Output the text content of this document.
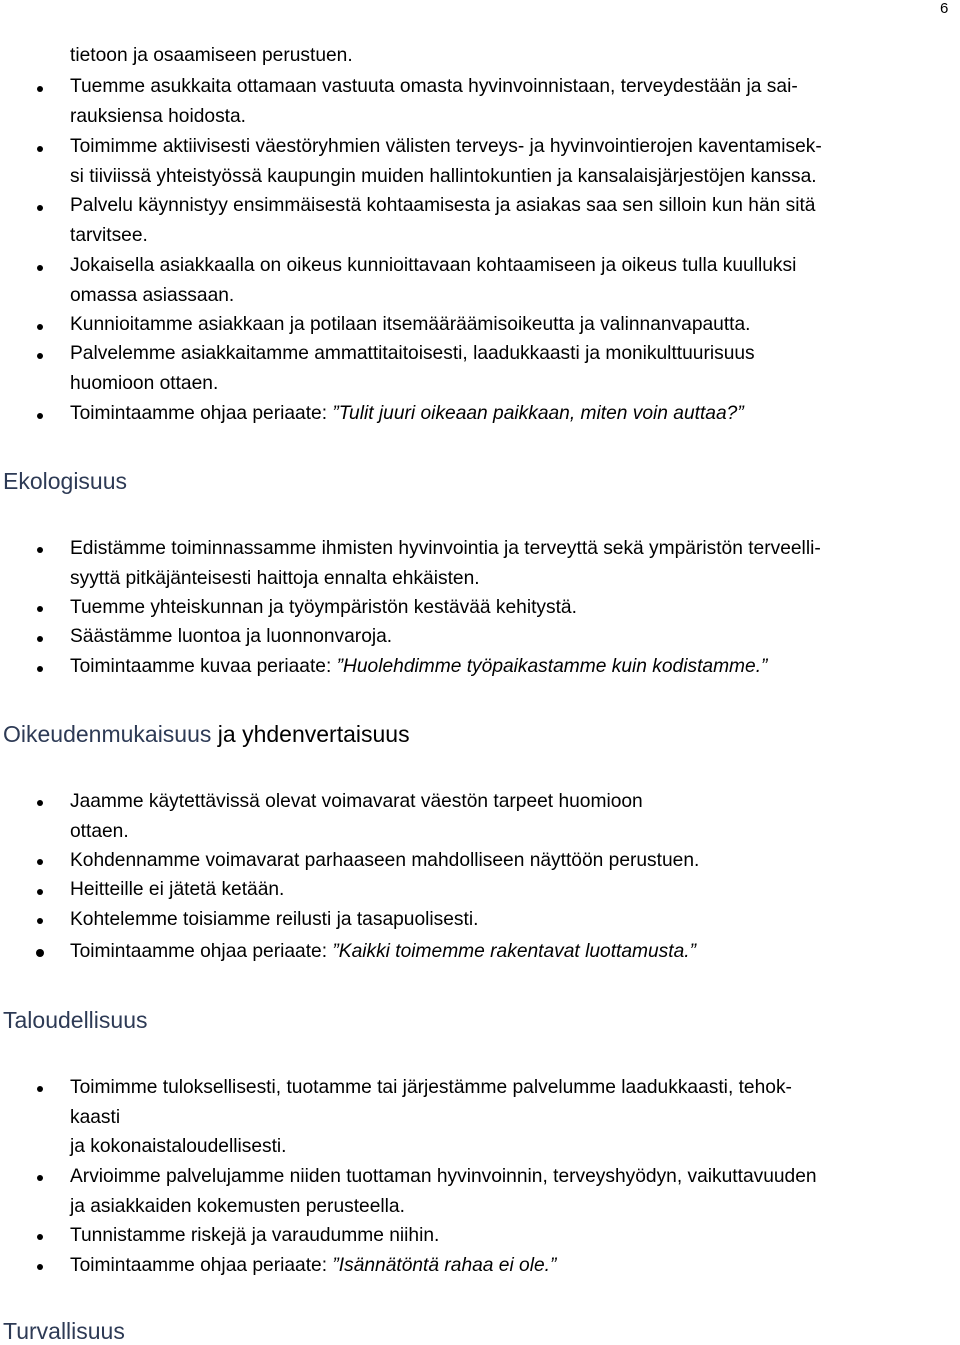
6
tietoon ja osaamiseen perustuen.
Tuemme asukkaita ottamaan vastuuta omasta hyvinvoinnistaan, terveydestään ja sai-
rauksiensa hoidosta.
Toimimme aktiivisesti väestöryhmien välisten terveys- ja hyvinvointierojen kaventamisek-
si tiiviissä yhteistyössä kaupungin muiden hallintokuntien ja kansalaisjärjestöjen kanssa.
Palvelu käynnistyy ensimmäisestä kohtaamisesta ja asiakas saa sen silloin kun hän sitä
tarvitsee.
Jokaisella asiakkaalla on oikeus kunnioittavaan kohtaamiseen ja oikeus tulla kuulluksi
omassa asiassaan.
Kunnioitamme asiakkaan ja potilaan itsemääräämisoikeutta ja valinnanvapautta.
Palvelemme asiakkaitamme ammattitaitoisesti, laadukkaasti ja monikulttuurisuus
huomioon ottaen.
Toimintaamme ohjaa periaate: ”Tulit juuri oikeaan paikkaan, miten voin auttaa?”
Ekologisuus
Edistämme toiminnassamme ihmisten hyvinvointia ja terveyttä sekä ympäristön terveelli-
syyttä pitkäjänteisesti haittoja ennalta ehkäisten.
Tuemme yhteiskunnan ja työympäristön kestävää kehitystä.
Säästämme luontoa ja luonnonvaroja.
Toimintaamme kuvaa periaate: ”Huolehdimme työpaikastamme kuin kodistamme.”
Oikeudenmukaisuus ja yhdenvertaisuus
Jaamme käytettävissä olevat voimavarat väestön tarpeet huomioon
ottaen.
Kohdennamme voimavarat parhaaseen mahdolliseen näyttöön perustuen.
Heitteille ei jätetä ketään.
Kohtelemme toisiamme reilusti ja tasapuolisesti.
Toimintaamme ohjaa periaate: ”Kaikki toimemme rakentavat luottamusta.”
Taloudellisuus
Toimimme tuloksellisesti, tuotamme tai järjestämme palvelumme laadukkaasti, tehok-
kaasti
ja kokonaistaloudellisesti.
Arvioimme palvelujamme niiden tuottaman hyvinvoinnin, terveyshyödyn, vaikuttavuuden
ja asiakkaiden kokemusten perusteella.
Tunnistamme riskejä ja varaudumme niihin.
Toimintaamme ohjaa periaate: ”Isännätöntä rahaa ei ole.”
Turvallisuus
